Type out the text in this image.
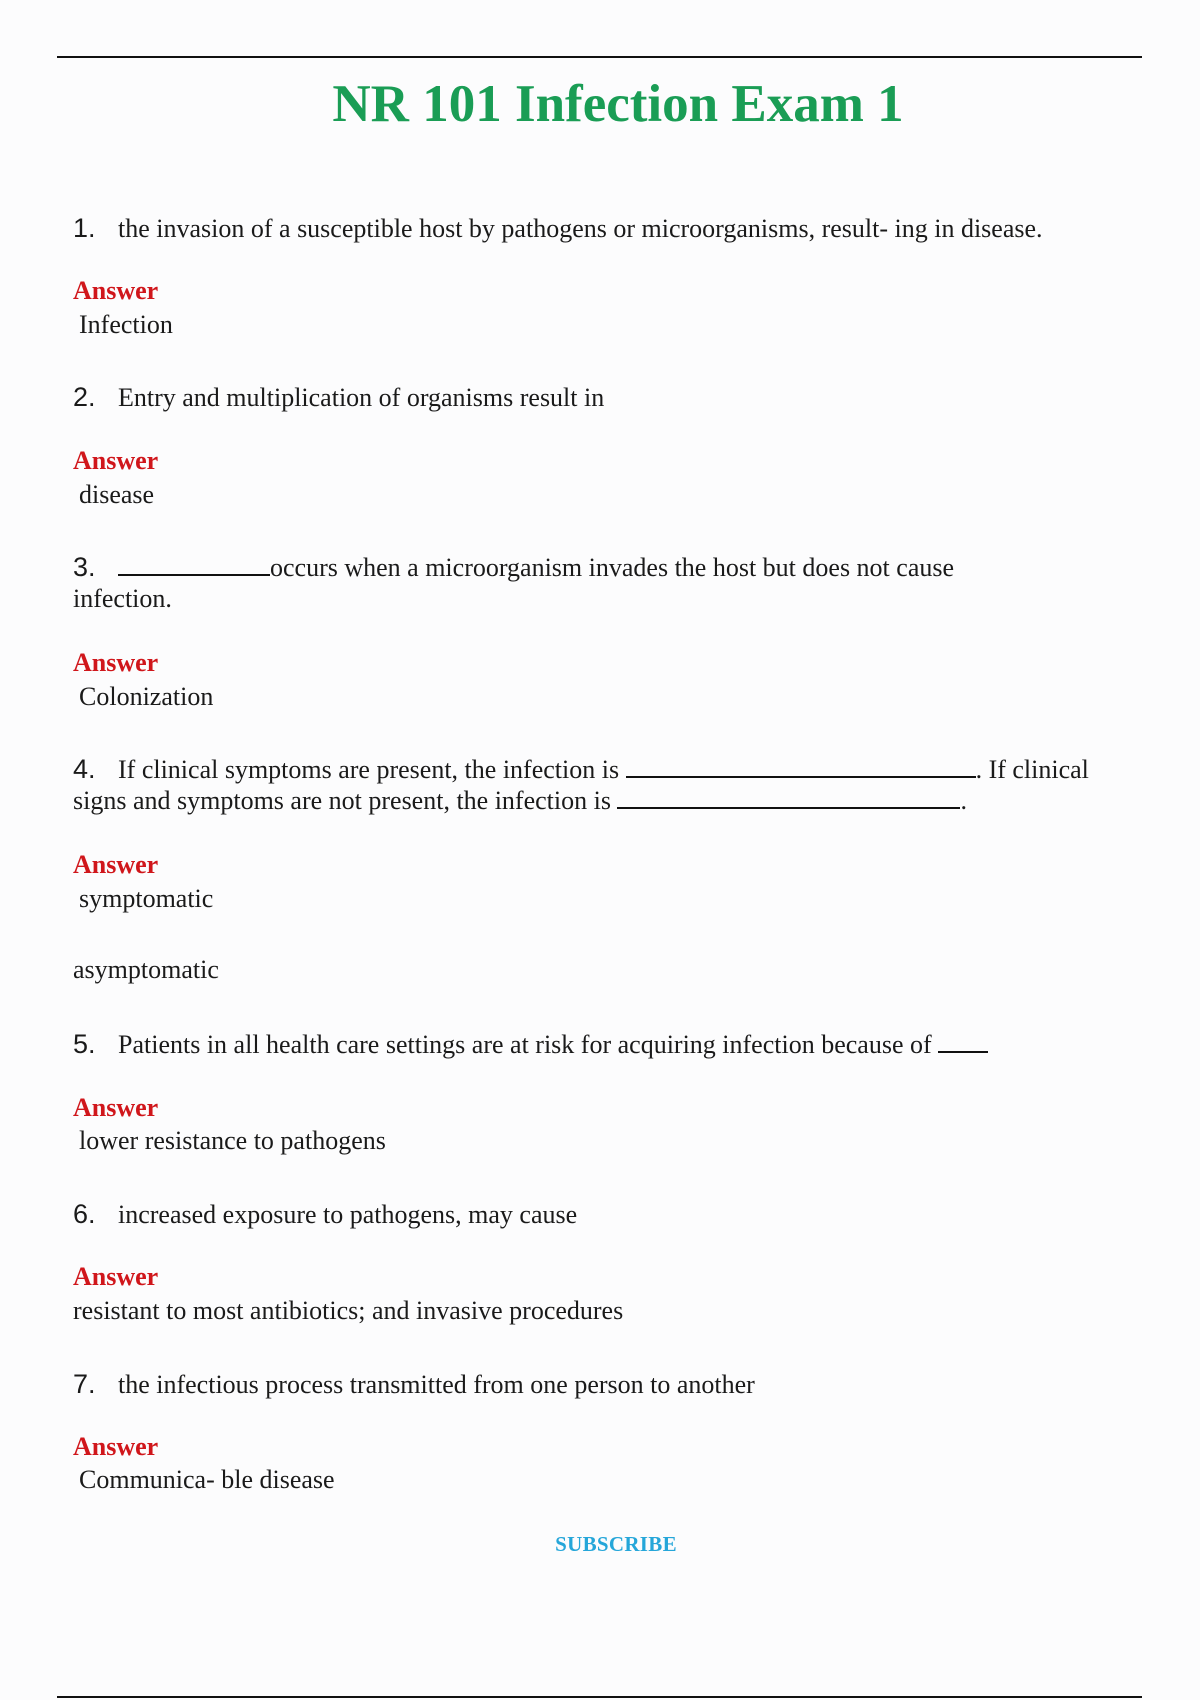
NR 101 Infection Exam 1
1. the invasion of a susceptible host by pathogens or microorganisms, result- ing in disease.
Answer
Infection
2. Entry and multiplication of organisms result in
Answer
disease
3.	occurs when a microorganism invades the host but does not cause
infection.
Answer
Colonization
4. If clinical symptoms are present, the infection is	. If clinical
signs and symptoms are not present, the infection is	.
Answer
symptomatic
asymptomatic
5. Patients in all health care settings are at risk for acquiring infection because of
Answer
lower resistance to pathogens
6. increased exposure to pathogens, may cause
Answer
resistant to most antibiotics; and invasive procedures
7. the infectious process transmitted from one person to another
Answer
Communica- ble disease
SUBSCRIBE
